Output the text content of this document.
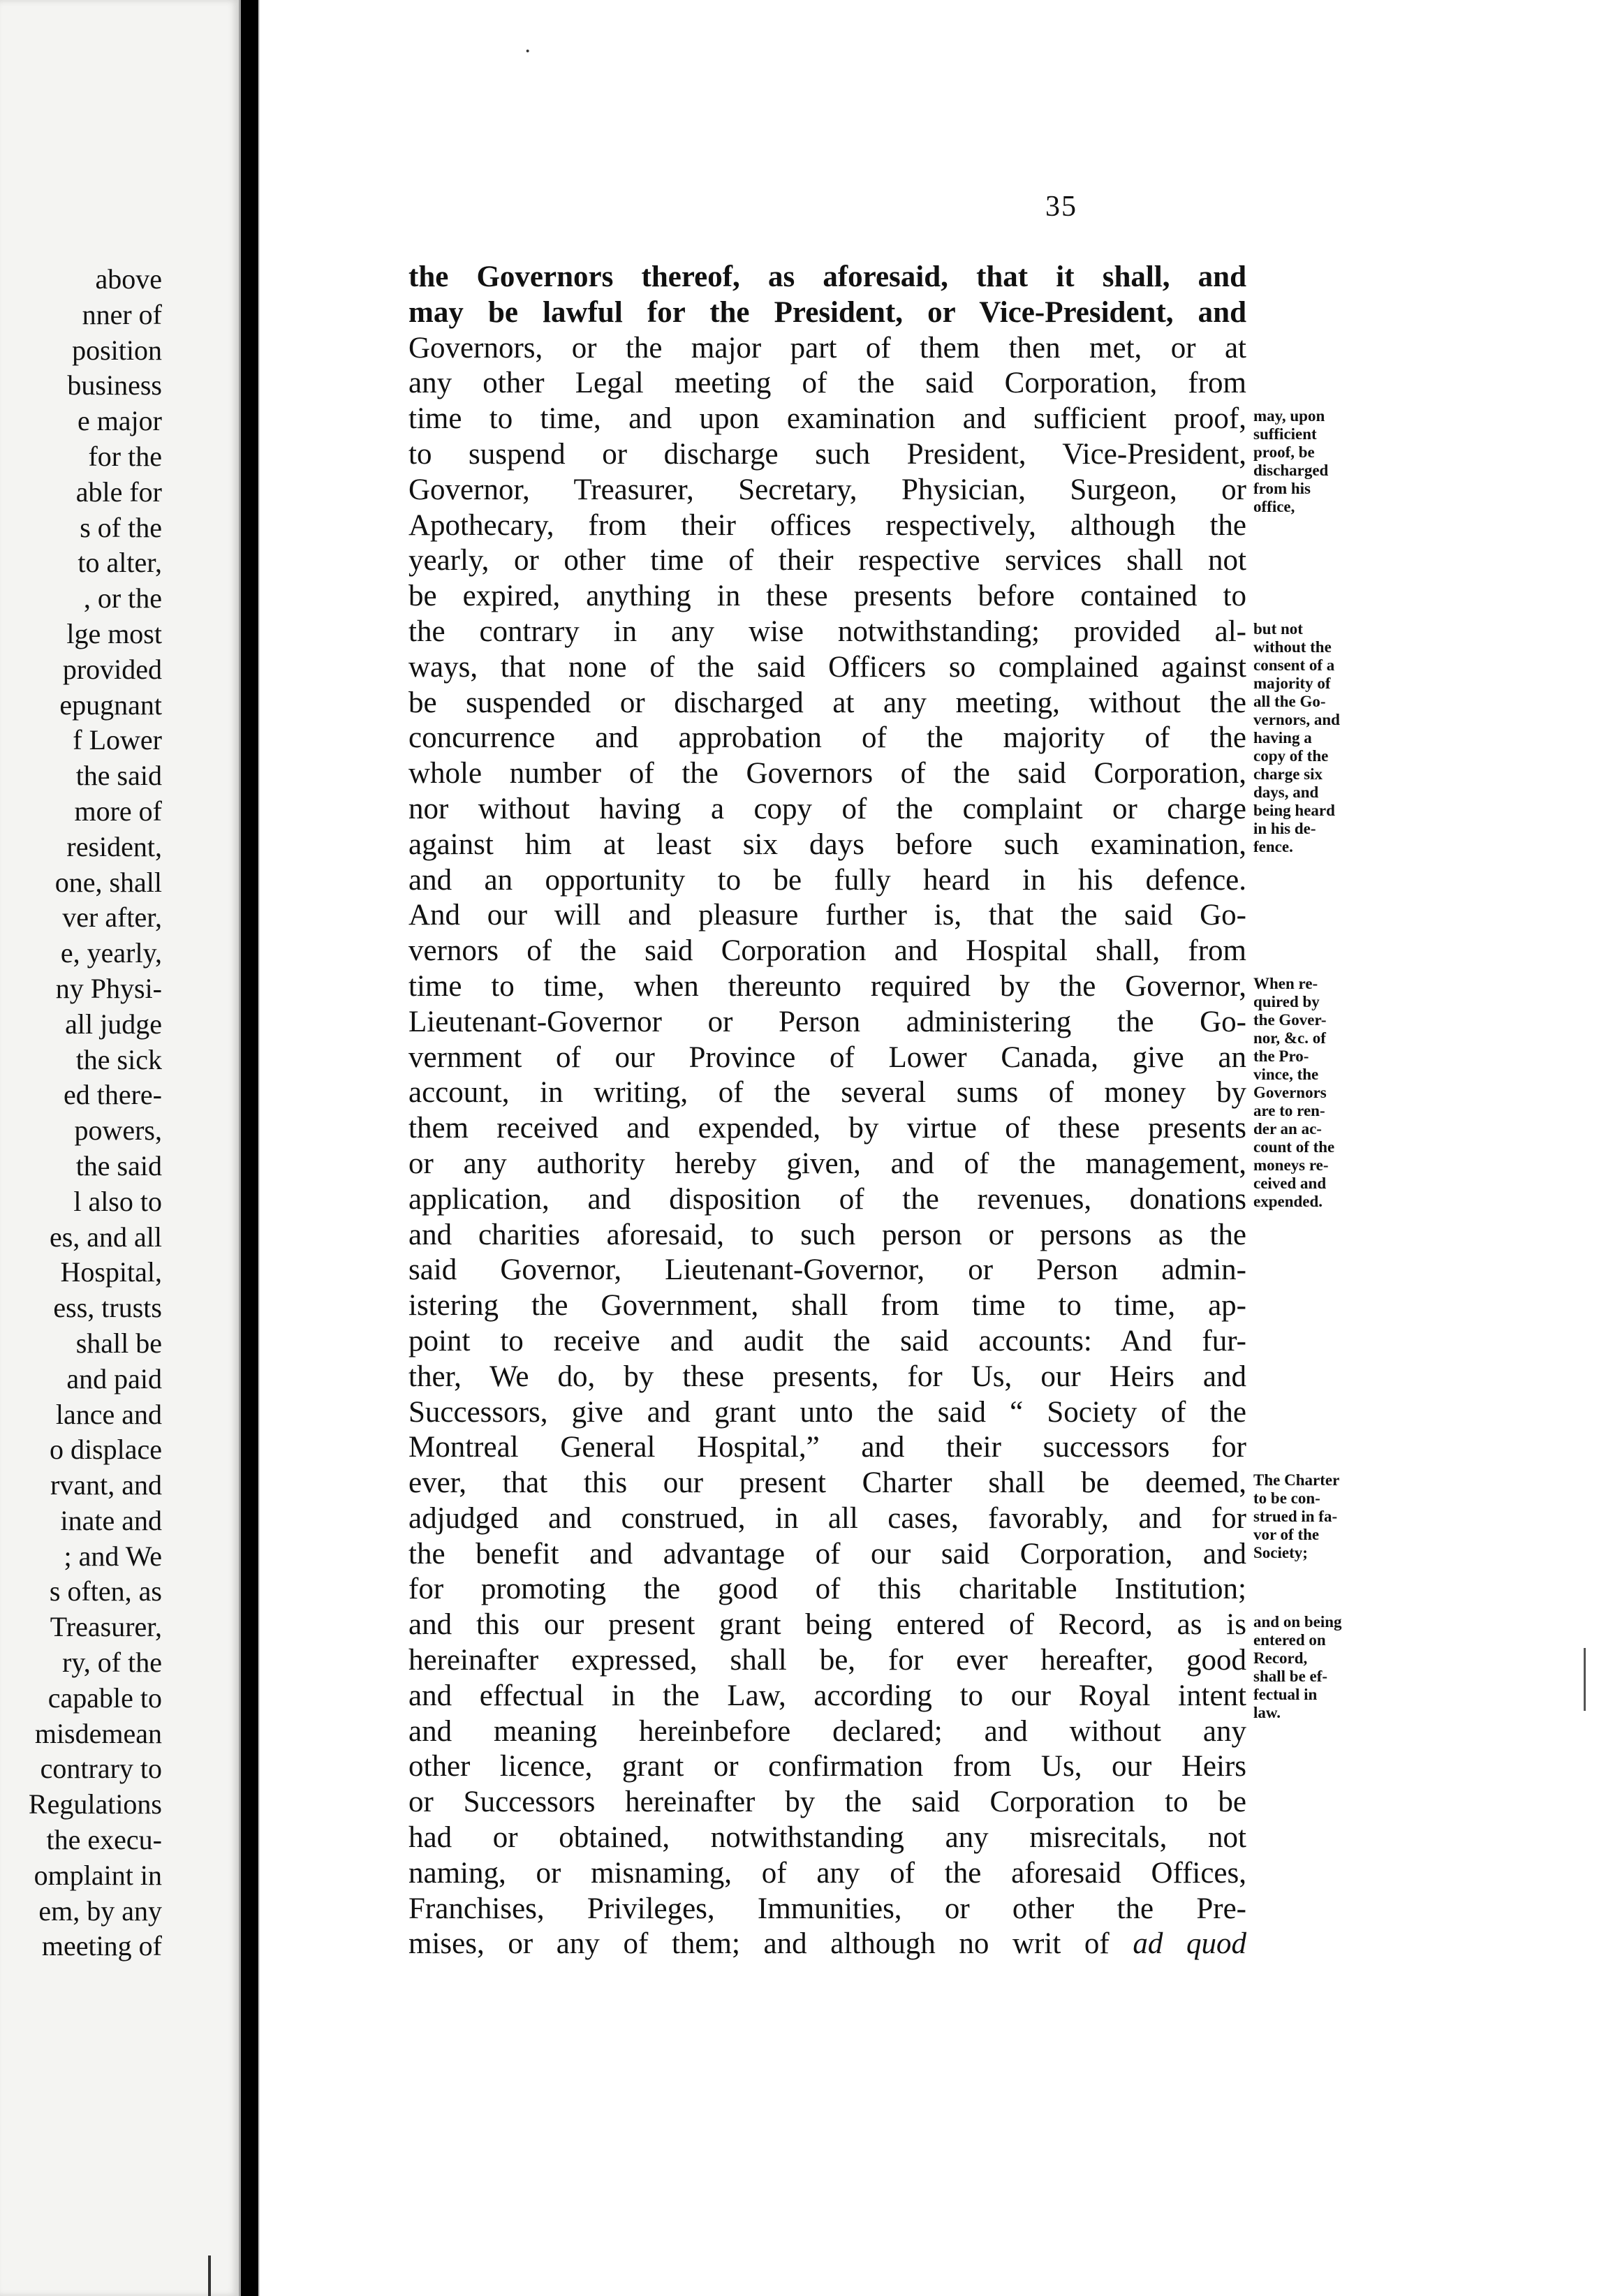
above
nner of
position
business
e major
for the
able for
s of the
to alter,
, or the
lge most
provided
epugnant
f Lower
the said
more of
resident,
one, shall
ver after,
e, yearly,
ny Physi-
all judge
the sick
ed there-
powers,
the said
l also to
es, and all
Hospital,
ess, trusts
shall be
and paid
lance and
o displace
rvant, and
inate and
; and We
s often, as
Treasurer,
ry, of the
capable to
misdemean
contrary to
Regulations
the execu-
omplaint in
em, by any
meeting of
·
35
the Governors thereof, as aforesaid, that it shall, and
may be lawful for the President, or Vice-President, and
Governors, or the major part of them then met, or at
any other Legal meeting of the said Corporation, from
time to time, and upon examination and sufficient proof,
to suspend or discharge such President, Vice-President,
Governor, Treasurer, Secretary, Physician, Surgeon, or
Apothecary, from their offices respectively, although the
yearly, or other time of their respective services shall not
be expired, anything in these presents before contained to
the contrary in any wise notwithstanding; provided al-
ways, that none of the said Officers so complained against
be suspended or discharged at any meeting, without the
concurrence and approbation of the majority of the
whole number of the Governors of the said Corporation,
nor without having a copy of the complaint or charge
against him at least six days before such examination,
and an opportunity to be fully heard in his defence.
And our will and pleasure further is, that the said Go-
vernors of the said Corporation and Hospital shall, from
time to time, when thereunto required by the Governor,
Lieutenant-Governor or Person administering the Go-
vernment of our Province of Lower Canada, give an
account, in writing, of the several sums of money by
them received and expended, by virtue of these presents
or any authority hereby given, and of the management,
application, and disposition of the revenues, donations
and charities aforesaid, to such person or persons as the
said Governor, Lieutenant-Governor, or Person admin-
istering the Government, shall from time to time, ap-
point to receive and audit the said accounts: And fur-
ther, We do, by these presents, for Us, our Heirs and
Successors, give and grant unto the said “ Society of the
Montreal General Hospital,” and their successors for
ever, that this our present Charter shall be deemed,
adjudged and construed, in all cases, favorably, and for
the benefit and advantage of our said Corporation, and
for promoting the good of this charitable Institution;
and this our present grant being entered of Record, as is
hereinafter expressed, shall be, for ever hereafter, good
and effectual in the Law, according to our Royal intent
and meaning hereinbefore declared; and without any
other licence, grant or confirmation from Us, our Heirs
or Successors hereinafter by the said Corporation to be
had or obtained, notwithstanding any misrecitals, not
naming, or misnaming, of any of the aforesaid Offices,
Franchises, Privileges, Immunities, or other the Pre-
mises, or any of them; and although no writ of ad quod
may, upon
sufficient
proof, be
discharged
from his
office,
but not
without the
consent of a
majority of
all the Go-
vernors, and
having a
copy of the
charge six
days, and
being heard
in his de-
fence.
When re-
quired by
the Gover-
nor, &c. of
the Pro-
vince, the
Governors
are to ren-
der an ac-
count of the
moneys re-
ceived and
expended.
The Charter
to be con-
strued in fa-
vor of the
Society;
and on being
entered on
Record,
shall be ef-
fectual in
law.
